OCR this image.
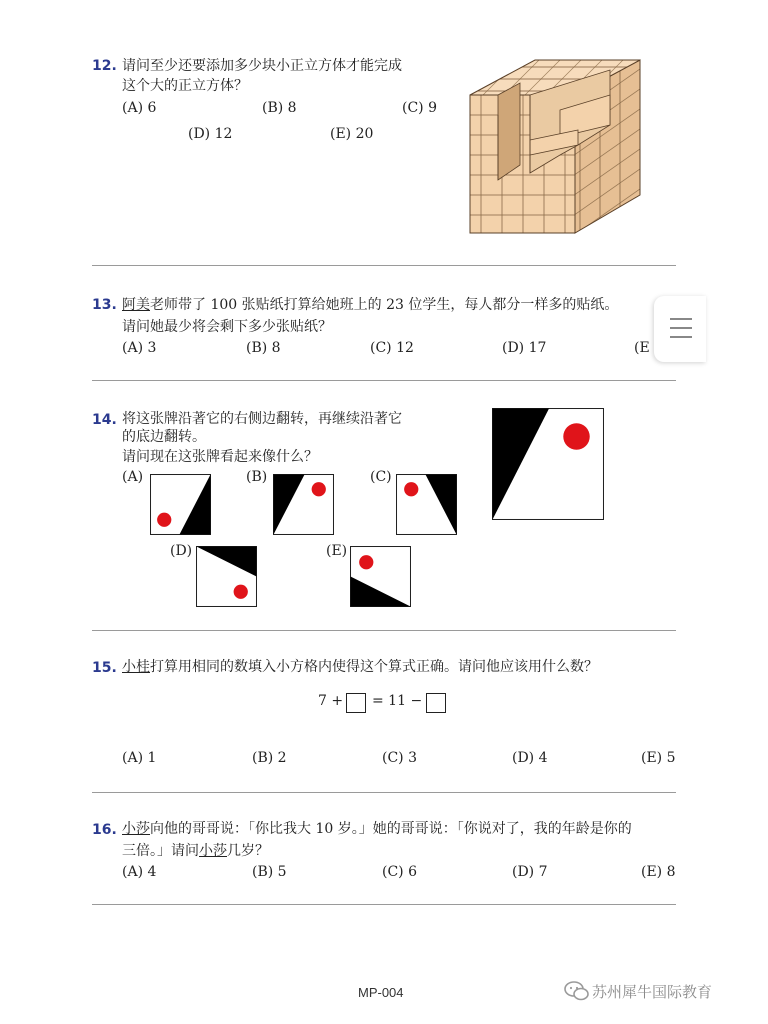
12. 请问至少还要添加多少块小正立方体才能完成
这个大的正立方体？
(A) 6	(B) 8	(C) 9
(D) 12	(E) 20
13. 阿美老师带了 100 张贴纸打算给她班上的 23 位学生，每人都分一样多的贴纸。
请问她最少将会剩下多少张贴纸？
(A) 3	(B) 8	(C) 12	(D) 17	(E
14. 将这张牌沿著它的右侧边翻转，再继续沿著它
的底边翻转。
请问现在这张牌看起来像什么？
(A)	(B)	(C)
(D)	(E)
15. 小桂打算用相同的数填入小方格内使得这个算式正确。请问他应该用什么数？
7 + = 11 −
(A) 1	(B) 2	(C) 3	(D) 4	(E) 5
16. 小莎向他的哥哥说：「你比我大 10 岁。」她的哥哥说：「你说对了，我的年龄是你的
三倍。」请问小莎几岁？
(A) 4	(B) 5	(C) 6	(D) 7	(E) 8
MP-004	苏州犀牛国际教育
